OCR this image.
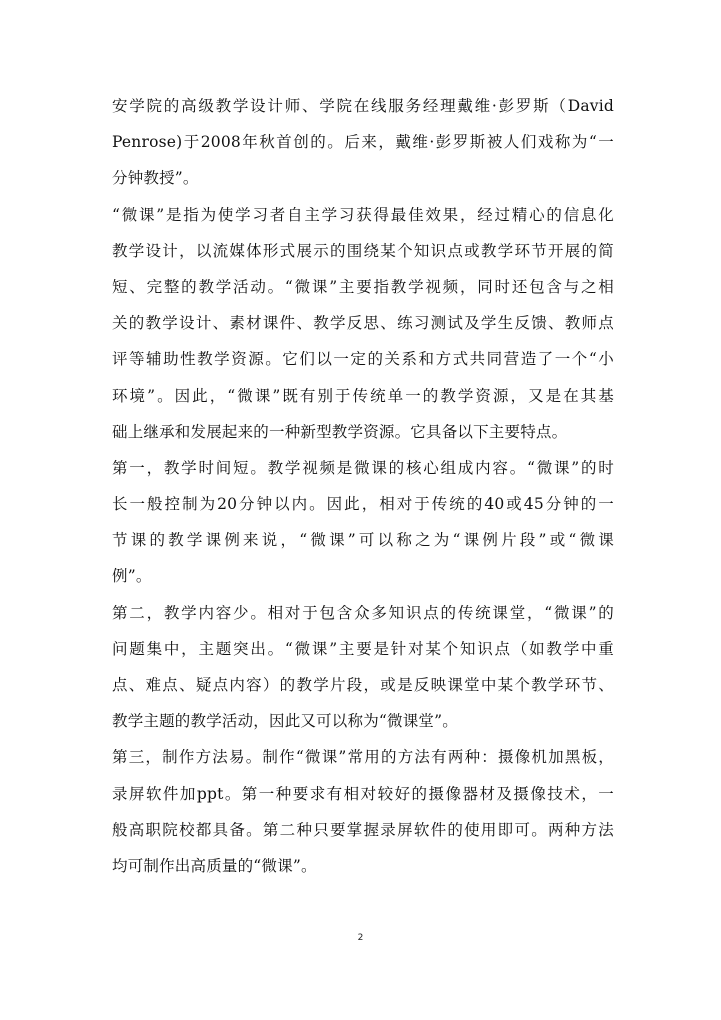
安学院的高级教学设计师、学院在线服务经理戴维·彭罗斯（David
Penrose)于2008年秋首创的。后来，戴维·彭罗斯被人们戏称为“一
分钟教授”。
“微课”是指为使学习者自主学习获得最佳效果，经过精心的信息化
教学设计，以流媒体形式展示的围绕某个知识点或教学环节开展的简
短、完整的教学活动。“微课”主要指教学视频，同时还包含与之相
关的教学设计、素材课件、教学反思、练习测试及学生反馈、教师点
评等辅助性教学资源。它们以一定的关系和方式共同营造了一个“小
环境”。因此，“微课”既有别于传统单一的教学资源，又是在其基
础上继承和发展起来的一种新型教学资源。它具备以下主要特点。
第一，教学时间短。教学视频是微课的核心组成内容。“微课”的时
长一般控制为20分钟以内。因此，相对于传统的40或45分钟的一
节课的教学课例来说，“微课”可以称之为“课例片段”或“微课
例”。
第二，教学内容少。相对于包含众多知识点的传统课堂，“微课”的
问题集中，主题突出。“微课”主要是针对某个知识点（如教学中重
点、难点、疑点内容）的教学片段，或是反映课堂中某个教学环节、
教学主题的教学活动，因此又可以称为“微课堂”。
第三，制作方法易。制作“微课”常用的方法有两种：摄像机加黑板，
录屏软件加ppt。第一种要求有相对较好的摄像器材及摄像技术，一
般高职院校都具备。第二种只要掌握录屏软件的使用即可。两种方法
均可制作出高质量的“微课”。
2
